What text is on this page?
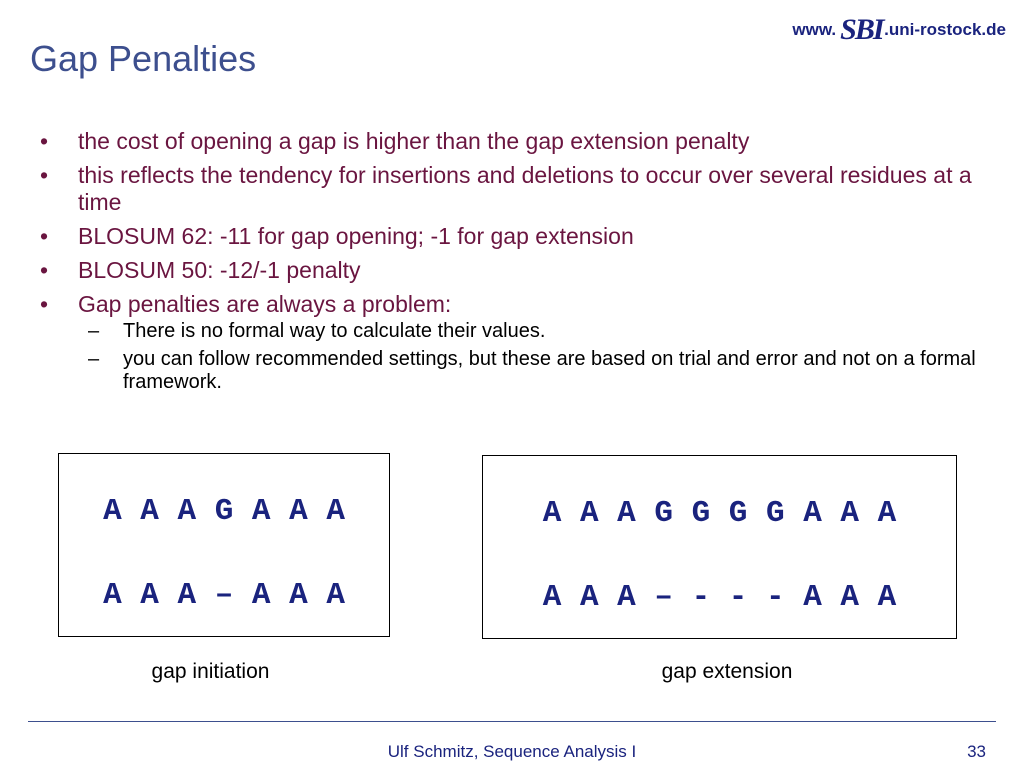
Gap Penalties
www. SBI .uni-rostock.de
• the cost of opening a gap is higher than the gap extension penalty
• this reflects the tendency for insertions and deletions to occur over several residues at a time
• BLOSUM 62: -11 for gap opening; -1 for gap extension
• BLOSUM 50: -12/-1 penalty
• Gap penalties are always a problem:
– There is no formal way to calculate their values.
– you can follow recommended settings, but these are based on trial and error and not on a formal framework.
A A A G A A A
A A A – A A A
gap initiation
A A A G G G G A A A
A A A – - - - A A A
gap extension
Ulf Schmitz, Sequence Analysis I	33
